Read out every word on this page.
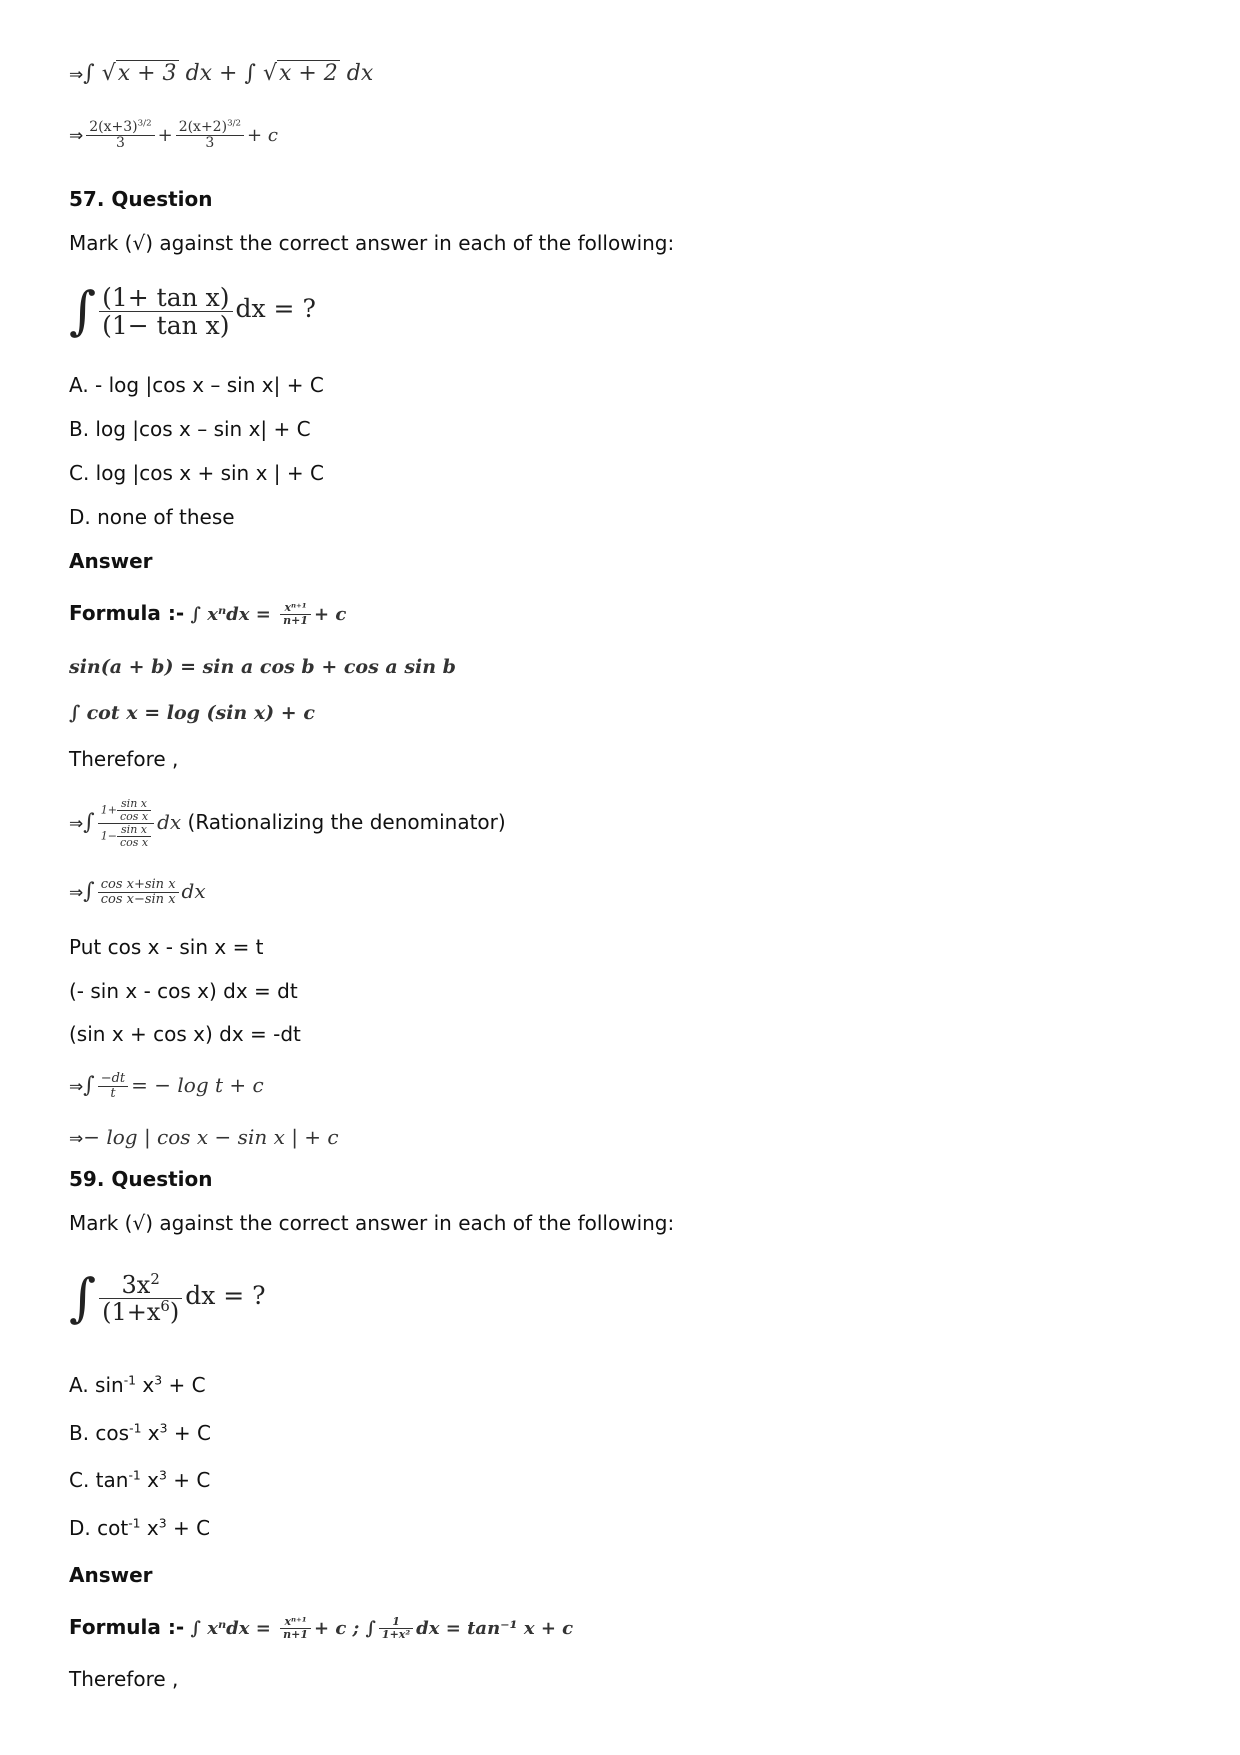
⇒∫ √x + 3 dx + ∫ √x + 2 dx
⇒ $\frac{2(x+3)^{3/2}}{3} + \frac{2(x+2)^{3/2}}{3} + c$
57. Question
Mark (√) against the correct answer in each of the following:
∫ $\frac{\text{(1+ tan x)}}{\text{(1− tan x)}}$ dx = ?
A. - log |cos x – sin x| + C
B. log |cos x – sin x| + C
C. log |cos x + sin x | + C
D. none of these
Answer
Formula :- ∫ $x^ndx = \frac{\text{xⁿ⁺¹}}{n+1} + c$
sin(a + b) = sin a cos b + cos a sin b
∫ cot x = log (sin x) + c
Therefore ,
⇒∫ $\frac{1+ \frac{\text{sin x}}{\text{cos x}}}{1- \frac{\text{sin x}}{\text{cos x}}}$ dx (Rationalizing the denominator)
⇒∫ $\frac{\text{cos x+sin x}}{\text{cos x−sin x}}$ dx
Put cos x - sin x = t
(- sin x - cos x) dx = dt
(sin x + cos x) dx = -dt
⇒∫ $\frac{-dt}{t}$ = − log t + c
⇒− log | cos x − sin x | + c
59. Question
Mark (√) against the correct answer in each of the following:
∫ $\frac{3x^2}{(1+x^6)}$ dx = ?
A. $\sin^{-1} x^3 + C$
B. $\cos^{-1} x^3 + C$
C. $\tan^{-1} x^3 + C$
D. $\cot^{-1} x^3 + C$
Answer
Formula :- ∫ $x^ndx = \frac{\text{xⁿ⁺¹}}{n+1} + c$ ; ∫ $\frac{1}{\text{1+x²}}$ dx = tan⁻¹ x + c
Therefore ,
